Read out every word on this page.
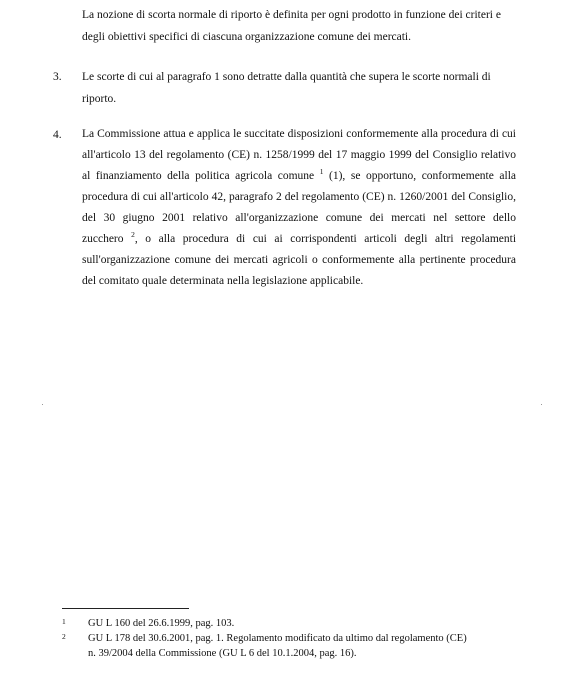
La nozione di scorta normale di riporto è definita per ogni prodotto in funzione dei criteri e
degli obiettivi specifici di ciascuna organizzazione comune dei mercati.
3. Le scorte di cui al paragrafo 1 sono detratte dalla quantità che supera le scorte normali di
riporto.
4. La Commissione attua e applica le succitate disposizioni conformemente alla procedura di cui
all'articolo 13 del regolamento (CE) n. 1258/1999 del 17 maggio 1999 del Consiglio relativo
al finanziamento della politica agricola comune $^1$ (1), se opportuno, conformemente alla
procedura di cui all'articolo 42, paragrafo 2 del regolamento (CE) n. 1260/2001 del Consiglio,
del 30 giugno 2001 relativo all'organizzazione comune dei mercati nel settore dello
zucchero $^2$, o alla procedura di cui ai corrispondenti articoli degli altri regolamenti
sull'organizzazione comune dei mercati agricoli o conformemente alla pertinente procedura
del comitato quale determinata nella legislazione applicabile.
1 GU L 160 del 26.6.1999, pag. 103.
2 GU L 178 del 30.6.2001, pag. 1. Regolamento modificato da ultimo dal regolamento (CE)
n. 39/2004 della Commissione (GU L 6 del 10.1.2004, pag. 16).
